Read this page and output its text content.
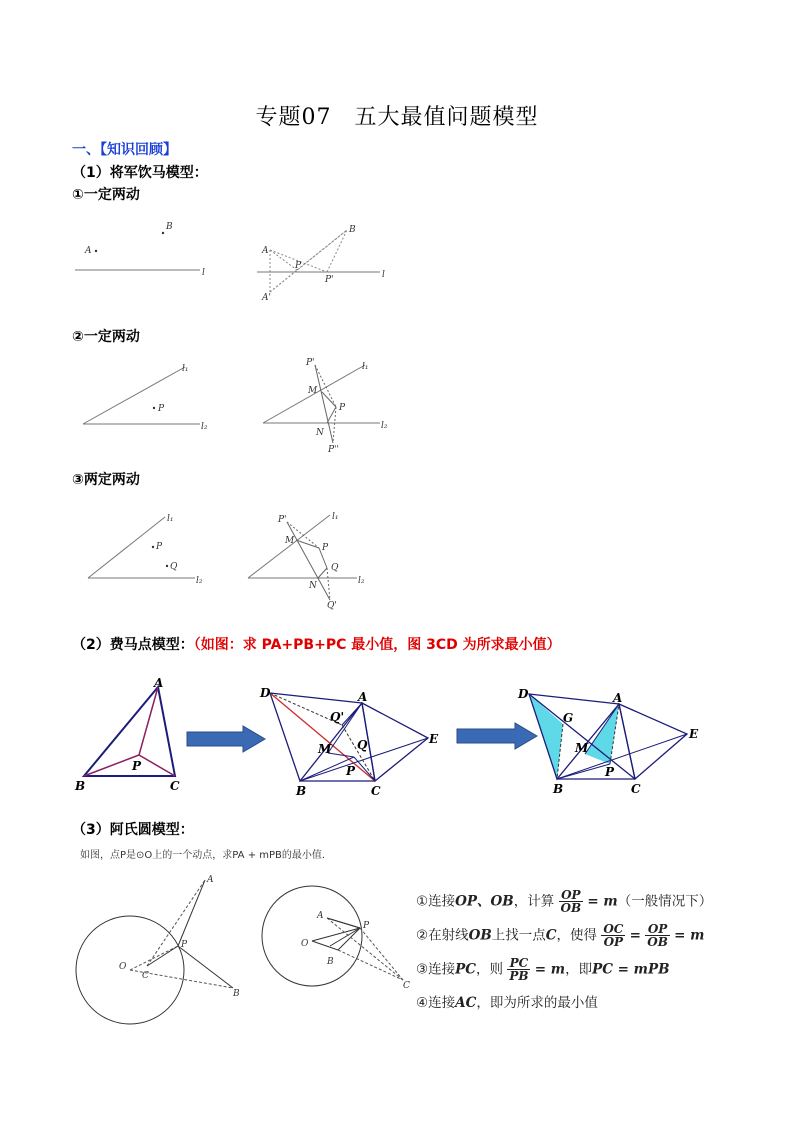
专题07　五大最值问题模型
一、【知识回顾】
（1）将军饮马模型：
①一定两动
A
B
l
A
B
P
P'
A'
l
②一定两动
P
l₁
l₂
P'
M
P
N
P''
l₁
l₂
③两定两动
P
Q
l₁
l₂
P'
M
P
Q
N
Q'
l₁
l₂
（2）费马点模型：（如图：求 PA+PB+PC 最小值，图 3CD 为所求最小值）
A
B	C
P
D	A
E
B	C
Q'
M Q
P
D	A
E
B	C
G
M
P
（3）阿氏圆模型：
如图，点P是⊙O上的一个动点，求PA + mPB的最小值.
A
P
O
C
B
A
P
O
B
C
①连接OP、OB，计算 $\frac{OP}{OB} = m$（一般情况下）
②在射线OB上找一点C，使得 $\frac{OC}{OP} = \frac{OP}{OB} = m$
③连接PC，则 $\frac{PC}{PB} = m$，即PC = mPB
④连接AC，即为所求的最小值
